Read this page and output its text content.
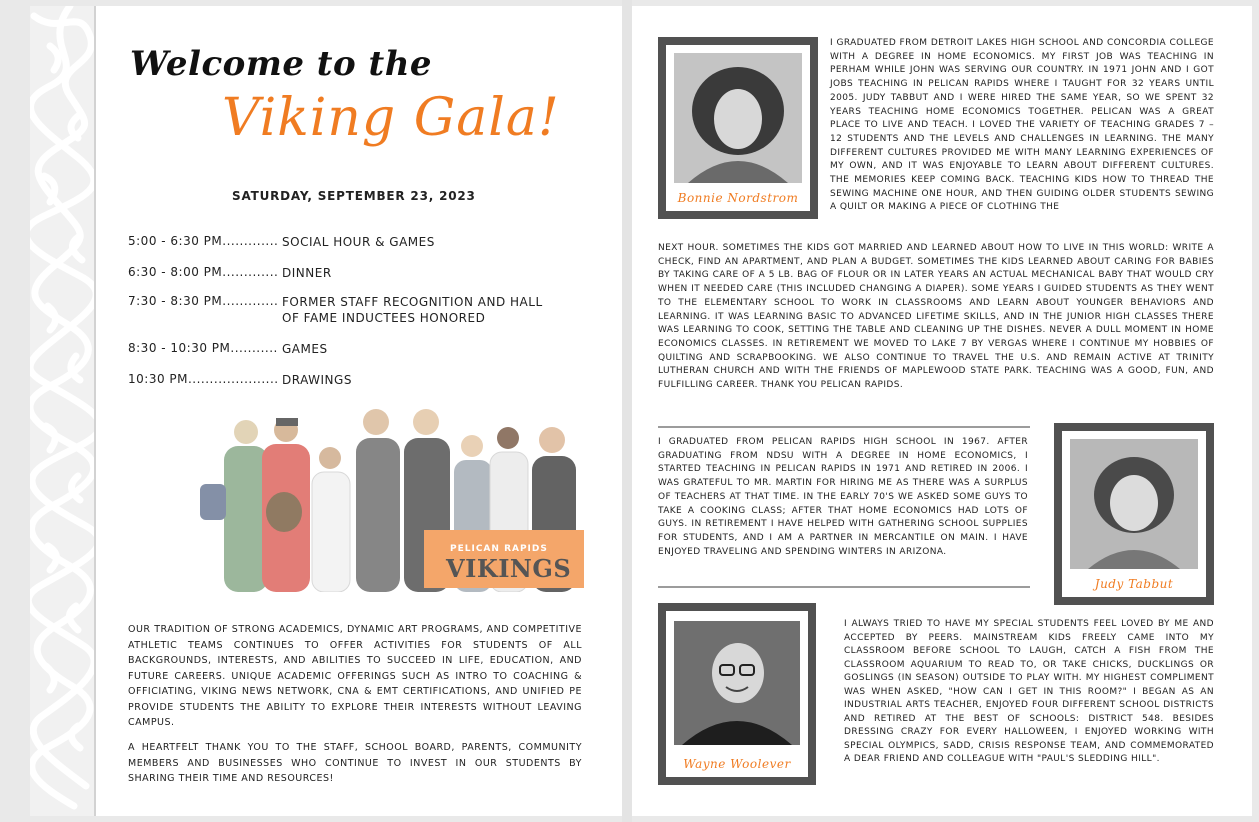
Welcome to the
Viking Gala!
SATURDAY, SEPTEMBER 23, 2023
5:00 - 6:30 PM............. SOCIAL HOUR & GAMES
6:30 - 8:00 PM............. DINNER
7:30 - 8:30 PM............. FORMER STAFF RECOGNITION AND HALL OF FAME INDUCTEES HONORED
8:30 - 10:30 PM........... GAMES
10:30 PM..................... DRAWINGS
PELICAN RAPIDS
VIKINGS
OUR TRADITION OF STRONG ACADEMICS, DYNAMIC ART PROGRAMS, AND COMPETITIVE ATHLETIC TEAMS CONTINUES TO OFFER ACTIVITIES FOR STUDENTS OF ALL BACKGROUNDS, INTERESTS, AND ABILITIES TO SUCCEED IN LIFE, EDUCATION, AND FUTURE CAREERS. UNIQUE ACADEMIC OFFERINGS SUCH AS INTRO TO COACHING & OFFICIATING, VIKING NEWS NETWORK, CNA & EMT CERTIFICATIONS, AND UNIFIED PE PROVIDE STUDENTS THE ABILITY TO EXPLORE THEIR INTERESTS WITHOUT LEAVING CAMPUS.
A HEARTFELT THANK YOU TO THE STAFF, SCHOOL BOARD, PARENTS, COMMUNITY MEMBERS AND BUSINESSES WHO CONTINUE TO INVEST IN OUR STUDENTS BY SHARING THEIR TIME AND RESOURCES!
Bonnie Nordstrom
I GRADUATED FROM DETROIT LAKES HIGH SCHOOL AND CONCORDIA COLLEGE WITH A DEGREE IN HOME ECONOMICS. MY FIRST JOB WAS TEACHING IN PERHAM WHILE JOHN WAS SERVING OUR COUNTRY. IN 1971 JOHN AND I GOT JOBS TEACHING IN PELICAN RAPIDS WHERE I TAUGHT FOR 32 YEARS UNTIL 2005. JUDY TABBUT AND I WERE HIRED THE SAME YEAR, SO WE SPENT 32 YEARS TEACHING HOME ECONOMICS TOGETHER. PELICAN WAS A GREAT PLACE TO LIVE AND TEACH. I LOVED THE VARIETY OF TEACHING GRADES 7 – 12 STUDENTS AND THE LEVELS AND CHALLENGES IN LEARNING. THE MANY DIFFERENT CULTURES PROVIDED ME WITH MANY LEARNING EXPERIENCES OF MY OWN, AND IT WAS ENJOYABLE TO LEARN ABOUT DIFFERENT CULTURES. THE MEMORIES KEEP COMING BACK. TEACHING KIDS HOW TO THREAD THE SEWING MACHINE ONE HOUR, AND THEN GUIDING OLDER STUDENTS SEWING A QUILT OR MAKING A PIECE OF CLOTHING THE
NEXT HOUR. SOMETIMES THE KIDS GOT MARRIED AND LEARNED ABOUT HOW TO LIVE IN THIS WORLD: WRITE A CHECK, FIND AN APARTMENT, AND PLAN A BUDGET. SOMETIMES THE KIDS LEARNED ABOUT CARING FOR BABIES BY TAKING CARE OF A 5 LB. BAG OF FLOUR OR IN LATER YEARS AN ACTUAL MECHANICAL BABY THAT WOULD CRY WHEN IT NEEDED CARE (THIS INCLUDED CHANGING A DIAPER). SOME YEARS I GUIDED STUDENTS AS THEY WENT TO THE ELEMENTARY SCHOOL TO WORK IN CLASSROOMS AND LEARN ABOUT YOUNGER BEHAVIORS AND LEARNING. IT WAS LEARNING BASIC TO ADVANCED LIFETIME SKILLS, AND IN THE JUNIOR HIGH CLASSES THERE WAS LEARNING TO COOK, SETTING THE TABLE AND CLEANING UP THE DISHES. NEVER A DULL MOMENT IN HOME ECONOMICS CLASSES. IN RETIREMENT WE MOVED TO LAKE 7 BY VERGAS WHERE I CONTINUE MY HOBBIES OF QUILTING AND SCRAPBOOKING. WE ALSO CONTINUE TO TRAVEL THE U.S. AND REMAIN ACTIVE AT TRINITY LUTHERAN CHURCH AND WITH THE FRIENDS OF MAPLEWOOD STATE PARK. TEACHING WAS A GOOD, FUN, AND FULFILLING CAREER. THANK YOU PELICAN RAPIDS.
I GRADUATED FROM PELICAN RAPIDS HIGH SCHOOL IN 1967. AFTER GRADUATING FROM NDSU WITH A DEGREE IN HOME ECONOMICS, I STARTED TEACHING IN PELICAN RAPIDS IN 1971 AND RETIRED IN 2006. I WAS GRATEFUL TO MR. MARTIN FOR HIRING ME AS THERE WAS A SURPLUS OF TEACHERS AT THAT TIME. IN THE EARLY 70'S WE ASKED SOME GUYS TO TAKE A COOKING CLASS; AFTER THAT HOME ECONOMICS HAD LOTS OF GUYS. IN RETIREMENT I HAVE HELPED WITH GATHERING SCHOOL SUPPLIES FOR STUDENTS, AND I AM A PARTNER IN MERCANTILE ON MAIN. I HAVE ENJOYED TRAVELING AND SPENDING WINTERS IN ARIZONA.
Judy Tabbut
Wayne Woolever
I ALWAYS TRIED TO HAVE MY SPECIAL STUDENTS FEEL LOVED BY ME AND ACCEPTED BY PEERS. MAINSTREAM KIDS FREELY CAME INTO MY CLASSROOM BEFORE SCHOOL TO LAUGH, CATCH A FISH FROM THE CLASSROOM AQUARIUM TO READ TO, OR TAKE CHICKS, DUCKLINGS OR GOSLINGS (IN SEASON) OUTSIDE TO PLAY WITH. MY HIGHEST COMPLIMENT WAS WHEN ASKED, "HOW CAN I GET IN THIS ROOM?" I BEGAN AS AN INDUSTRIAL ARTS TEACHER, ENJOYED FOUR DIFFERENT SCHOOL DISTRICTS AND RETIRED AT THE BEST OF SCHOOLS: DISTRICT 548. BESIDES DRESSING CRAZY FOR EVERY HALLOWEEN, I ENJOYED WORKING WITH SPECIAL OLYMPICS, SADD, CRISIS RESPONSE TEAM, AND COMMEMORATED A DEAR FRIEND AND COLLEAGUE WITH "PAUL'S SLEDDING HILL".
